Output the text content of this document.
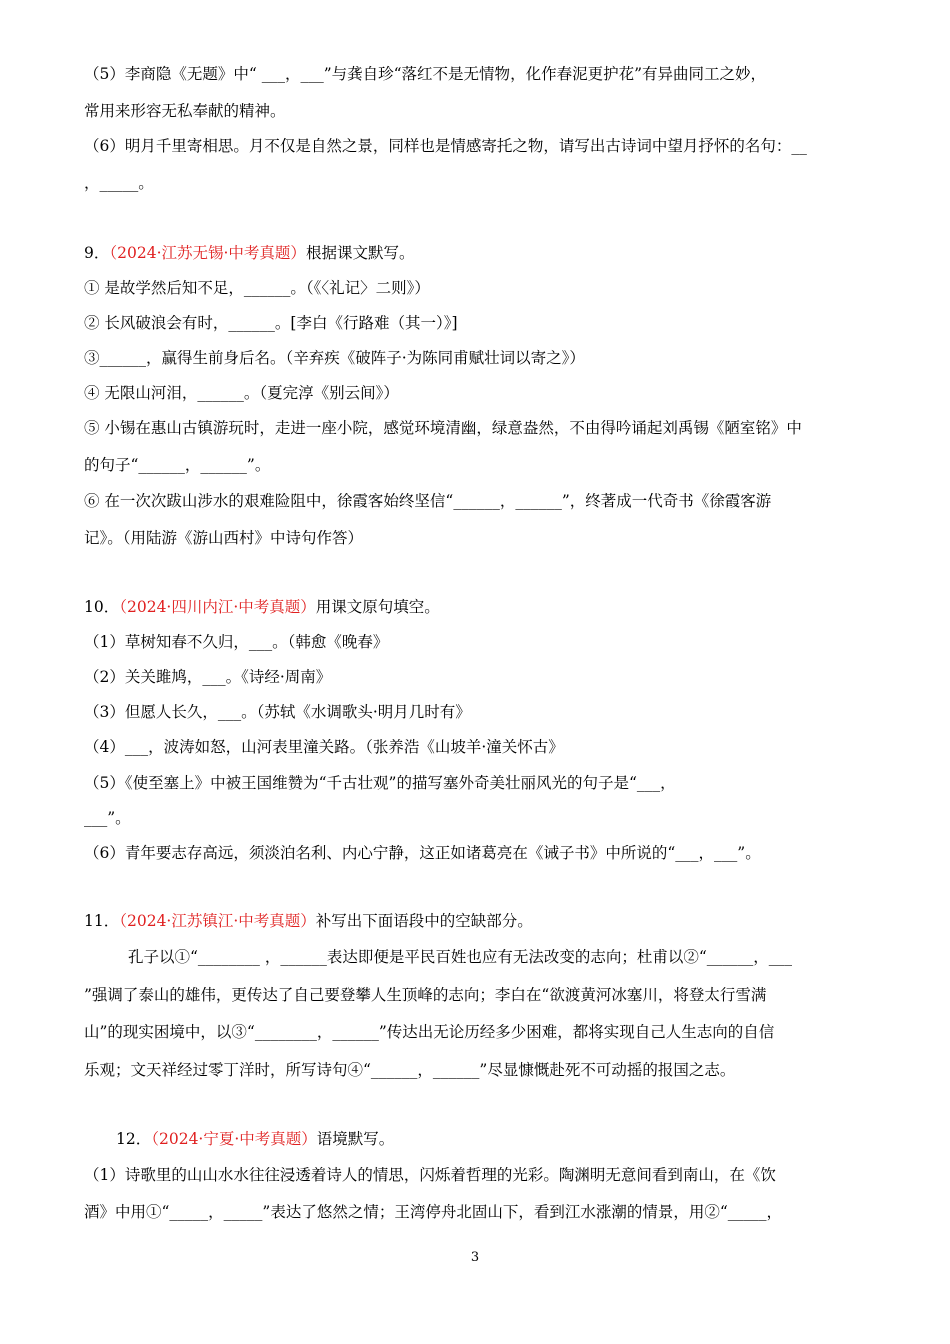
（5）李商隐《无题》中“ ___，___”与龚自珍“落红不是无情物，化作春泥更护花”有异曲同工之妙，
常用来形容无私奉献的精神。
（6）明月千里寄相思。月不仅是自然之景，同样也是情感寄托之物，请写出古诗词中望月抒怀的名句：__
，_____。
9．（2024·江苏无锡·中考真题）根据课文默写。
① 是故学然后知不足，______。（《〈礼记〉二则》）
② 长风破浪会有时，______。[李白《行路难（其一）》]
③______，赢得生前身后名。（辛弃疾《破阵子·为陈同甫赋壮词以寄之》）
④ 无限山河泪，______。（夏完淳《别云间》）
⑤ 小锡在惠山古镇游玩时，走进一座小院，感觉环境清幽，绿意盎然，不由得吟诵起刘禹锡《陋室铭》中
的句子“______，______”。
⑥ 在一次次跋山涉水的艰难险阻中，徐霞客始终坚信“______，______”，终著成一代奇书《徐霞客游
记》。（用陆游《游山西村》中诗句作答）
10．（2024·四川内江·中考真题）用课文原句填空。
（1）草树知春不久归，___。（韩愈《晚春》
（2）关关雎鸠，___。《诗经·周南》
（3）但愿人长久，___。（苏轼《水调歌头·明月几时有》
（4）___，波涛如怒，山河表里潼关路。（张养浩《山坡羊·潼关怀古》
（5）《使至塞上》中被王国维赞为“千古壮观”的描写塞外奇美壮丽风光的句子是“___，
___”。
（6）青年要志存高远，须淡泊名利、内心宁静，这正如诸葛亮在《诫子书》中所说的“___，___”。
11．（2024·江苏镇江·中考真题）补写出下面语段中的空缺部分。
孔子以①“________ ，______表达即便是平民百姓也应有无法改变的志向；杜甫以②“______，___
”强调了泰山的雄伟，更传达了自己要登攀人生顶峰的志向；李白在“欲渡黄河冰塞川，将登太行雪满
山”的现实困境中，以③“________，______”传达出无论历经多少困难，都将实现自己人生志向的自信
乐观；文天祥经过零丁洋时，所写诗句④“______，______”尽显慷慨赴死不可动摇的报国之志。
12．（2024·宁夏·中考真题）语境默写。
（1）诗歌里的山山水水往往浸透着诗人的情思，闪烁着哲理的光彩。陶渊明无意间看到南山，在《饮
酒》中用①“_____，_____”表达了悠然之情；王湾停舟北固山下，看到江水涨潮的情景，用②“_____，
3
